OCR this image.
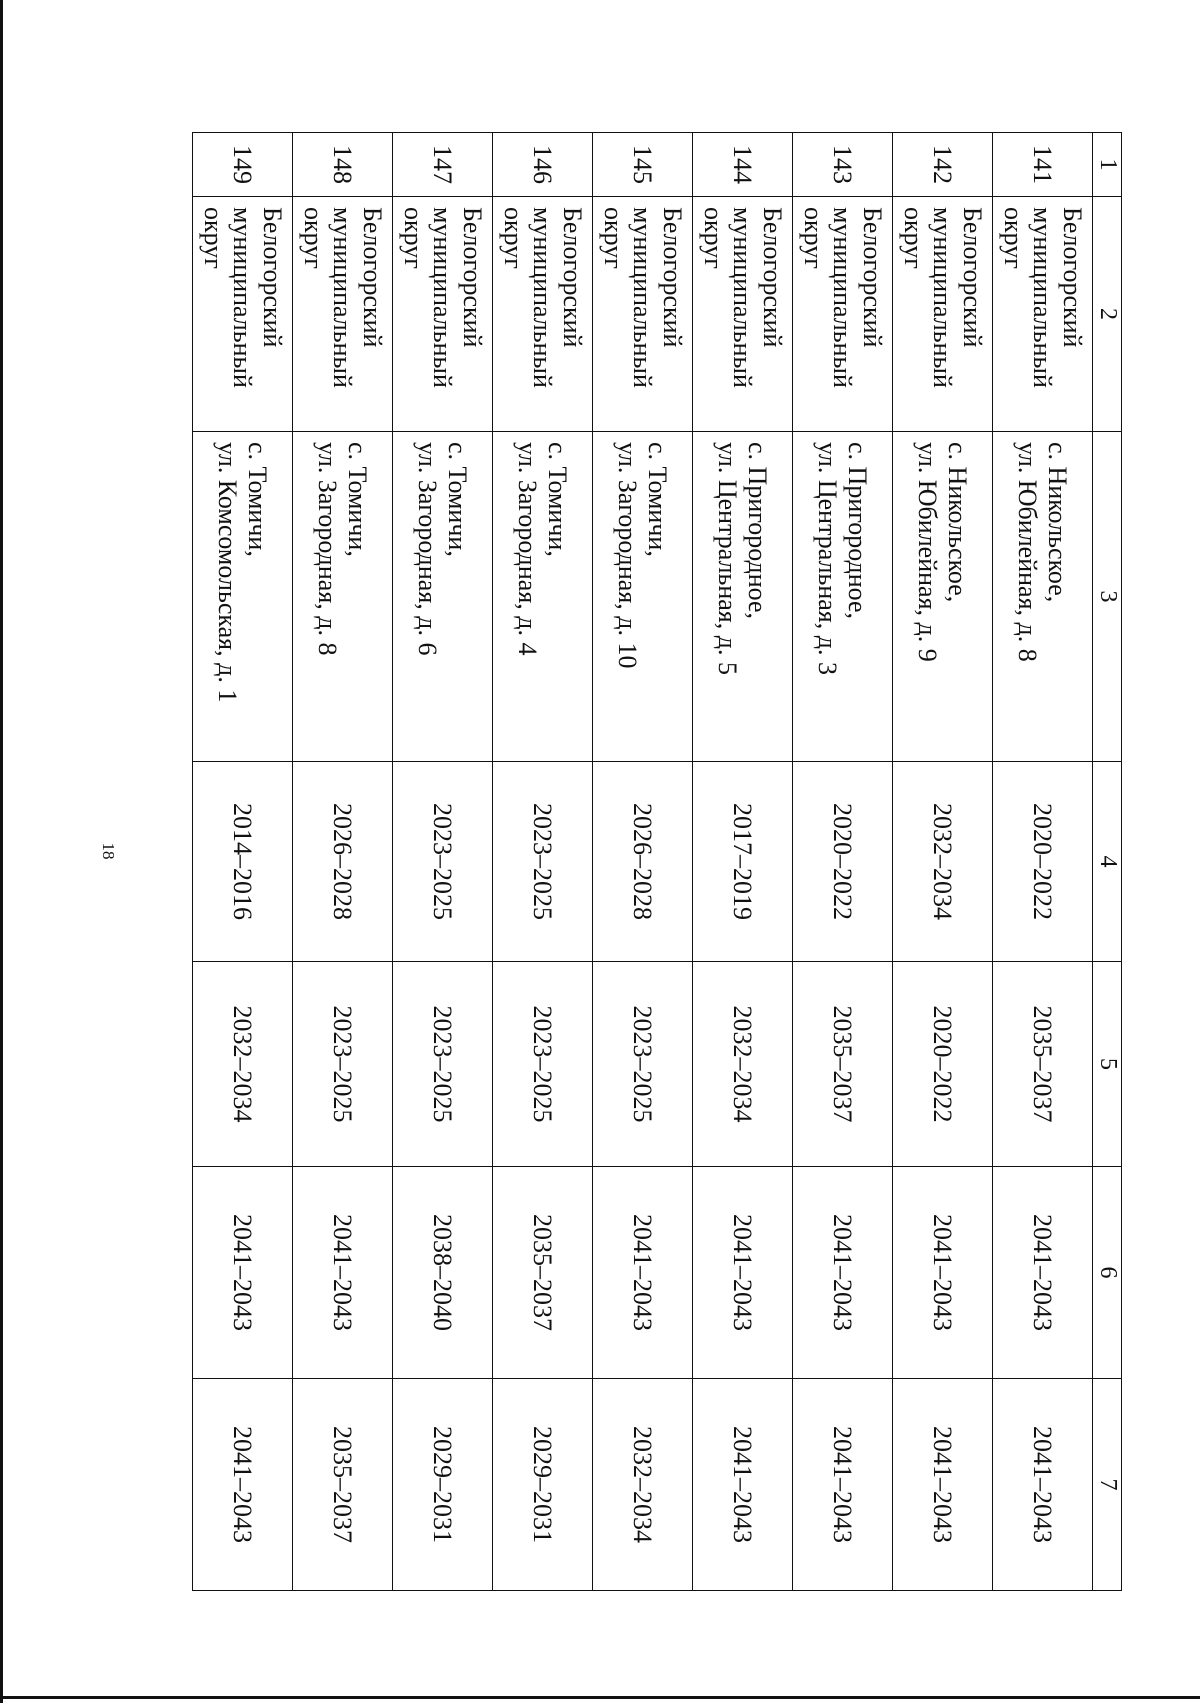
18
1	2	3	4	5	6	7
141	Белогорский
муниципальный
округ	с. Никольское,
ул. Юбилейная, д. 8	2020–2022	2035–2037	2041–2043	2041–2043
142	Белогорский
муниципальный
округ	с. Никольское,
ул. Юбилейная, д. 9	2032–2034	2020–2022	2041–2043	2041–2043
143	Белогорский
муниципальный
округ	с. Пригородное,
ул. Центральная, д. 3	2020–2022	2035–2037	2041–2043	2041–2043
144	Белогорский
муниципальный
округ	с. Пригородное,
ул. Центральная, д. 5	2017–2019	2032–2034	2041–2043	2041–2043
145	Белогорский
муниципальный
округ	с. Томичи,
ул. Загородная, д. 10	2026–2028	2023–2025	2041–2043	2032–2034
146	Белогорский
муниципальный
округ	с. Томичи,
ул. Загородная, д. 4	2023–2025	2023–2025	2035–2037	2029–2031
147	Белогорский
муниципальный
округ	с. Томичи,
ул. Загородная, д. 6	2023–2025	2023–2025	2038–2040	2029–2031
148	Белогорский
муниципальный
округ	с. Томичи,
ул. Загородная, д. 8	2026–2028	2023–2025	2041–2043	2035–2037
149	Белогорский
муниципальный
округ	с. Томичи,
ул. Комсомольская, д. 1	2014–2016	2032–2034	2041–2043	2041–2043
